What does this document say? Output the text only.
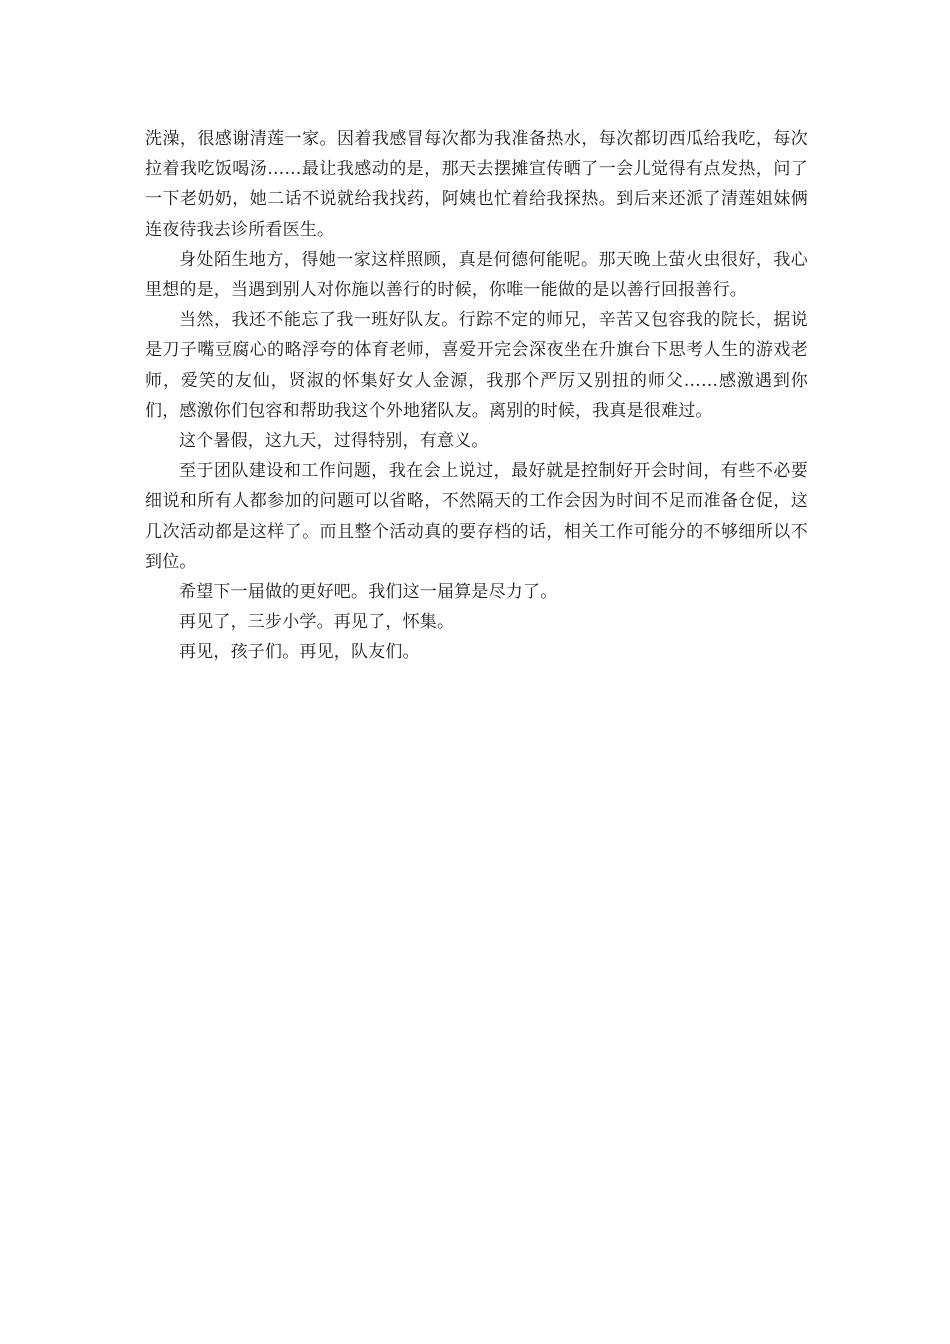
洗澡，很感谢清莲一家。因着我感冒每次都为我准备热水，每次都切西瓜给我吃，每次拉着我吃饭喝汤……最让我感动的是，那天去摆摊宣传晒了一会儿觉得有点发热，问了一下老奶奶，她二话不说就给我找药，阿姨也忙着给我探热。到后来还派了清莲姐妹俩连夜待我去诊所看医生。

身处陌生地方，得她一家这样照顾，真是何德何能呢。那天晚上萤火虫很好，我心里想的是，当遇到别人对你施以善行的时候，你唯一能做的是以善行回报善行。

当然，我还不能忘了我一班好队友。行踪不定的师兄，辛苦又包容我的院长，据说是刀子嘴豆腐心的略浮夸的体育老师，喜爱开完会深夜坐在升旗台下思考人生的游戏老师，爱笑的友仙，贤淑的怀集好女人金源，我那个严厉又别扭的师父……感激遇到你们，感激你们包容和帮助我这个外地猪队友。离别的时候，我真是很难过。

这个暑假，这九天，过得特别，有意义。

至于团队建设和工作问题，我在会上说过，最好就是控制好开会时间，有些不必要细说和所有人都参加的问题可以省略，不然隔天的工作会因为时间不足而准备仓促，这几次活动都是这样了。而且整个活动真的要存档的话，相关工作可能分的不够细所以不到位。

希望下一届做的更好吧。我们这一届算是尽力了。

再见了，三步小学。再见了，怀集。

再见，孩子们。再见，队友们。
